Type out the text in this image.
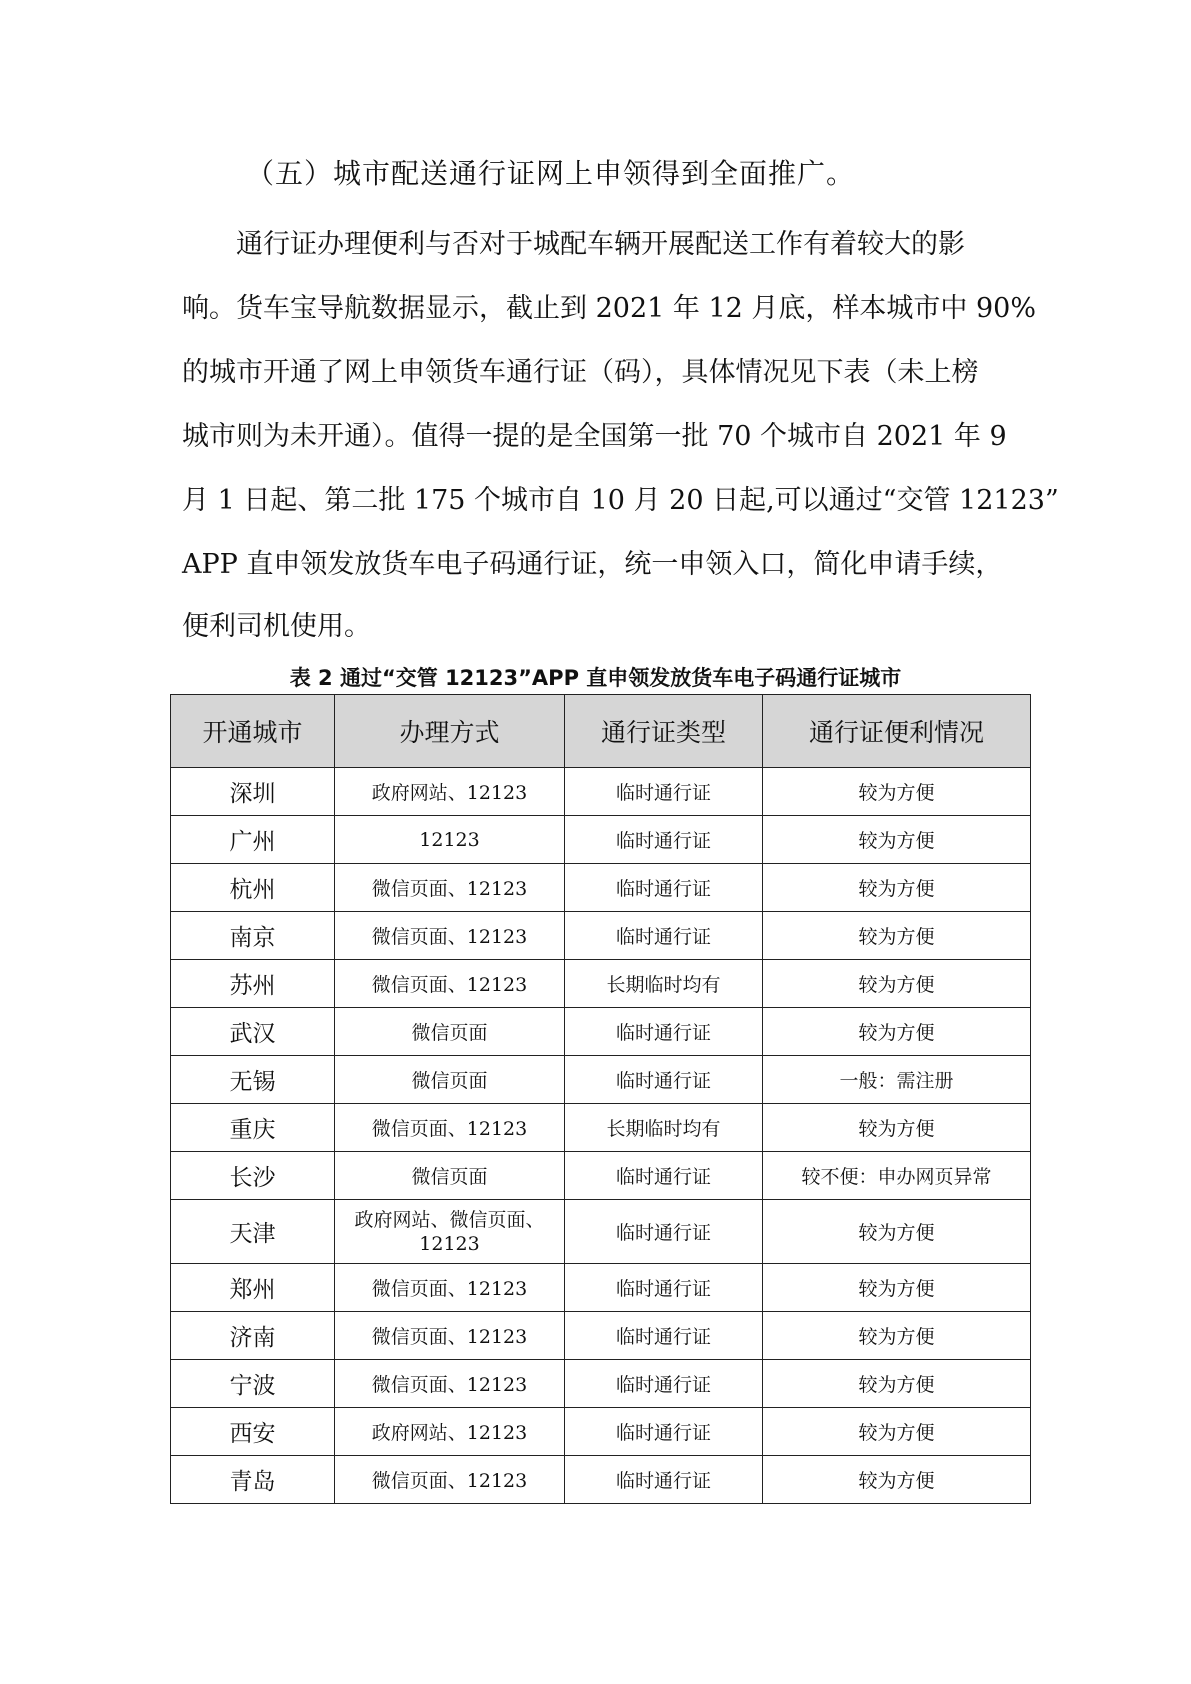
（五）城市配送通行证网上申领得到全面推广。

通行证办理便利与否对于城配车辆开展配送工作有着较大的影

响。货车宝导航数据显示，截止到 2021 年 12 月底，样本城市中 90%

的城市开通了网上申领货车通行证（码），具体情况见下表（未上榜

城市则为未开通）。值得一提的是全国第一批 70 个城市自 2021 年 9

月 1 日起、第二批 175 个城市自 10 月 20 日起,可以通过“交管 12123”

APP 直申领发放货车电子码通行证，统一申领入口，简化申请手续，

便利司机使用。

表 2 通过“交管 12123”APP 直申领发放货车电子码通行证城市

开通城市	办理方式	通行证类型	通行证便利情况
深圳	政府网站、12123	临时通行证	较为方便
广州	12123	临时通行证	较为方便
杭州	微信页面、12123	临时通行证	较为方便
南京	微信页面、12123	临时通行证	较为方便
苏州	微信页面、12123	长期临时均有	较为方便
武汉	微信页面	临时通行证	较为方便
无锡	微信页面	临时通行证	一般：需注册
重庆	微信页面、12123	长期临时均有	较为方便
长沙	微信页面	临时通行证	较不便：申办网页异常
天津	政府网站、微信页面、12123	临时通行证	较为方便
郑州	微信页面、12123	临时通行证	较为方便
济南	微信页面、12123	临时通行证	较为方便
宁波	微信页面、12123	临时通行证	较为方便
西安	政府网站、12123	临时通行证	较为方便
青岛	微信页面、12123	临时通行证	较为方便
